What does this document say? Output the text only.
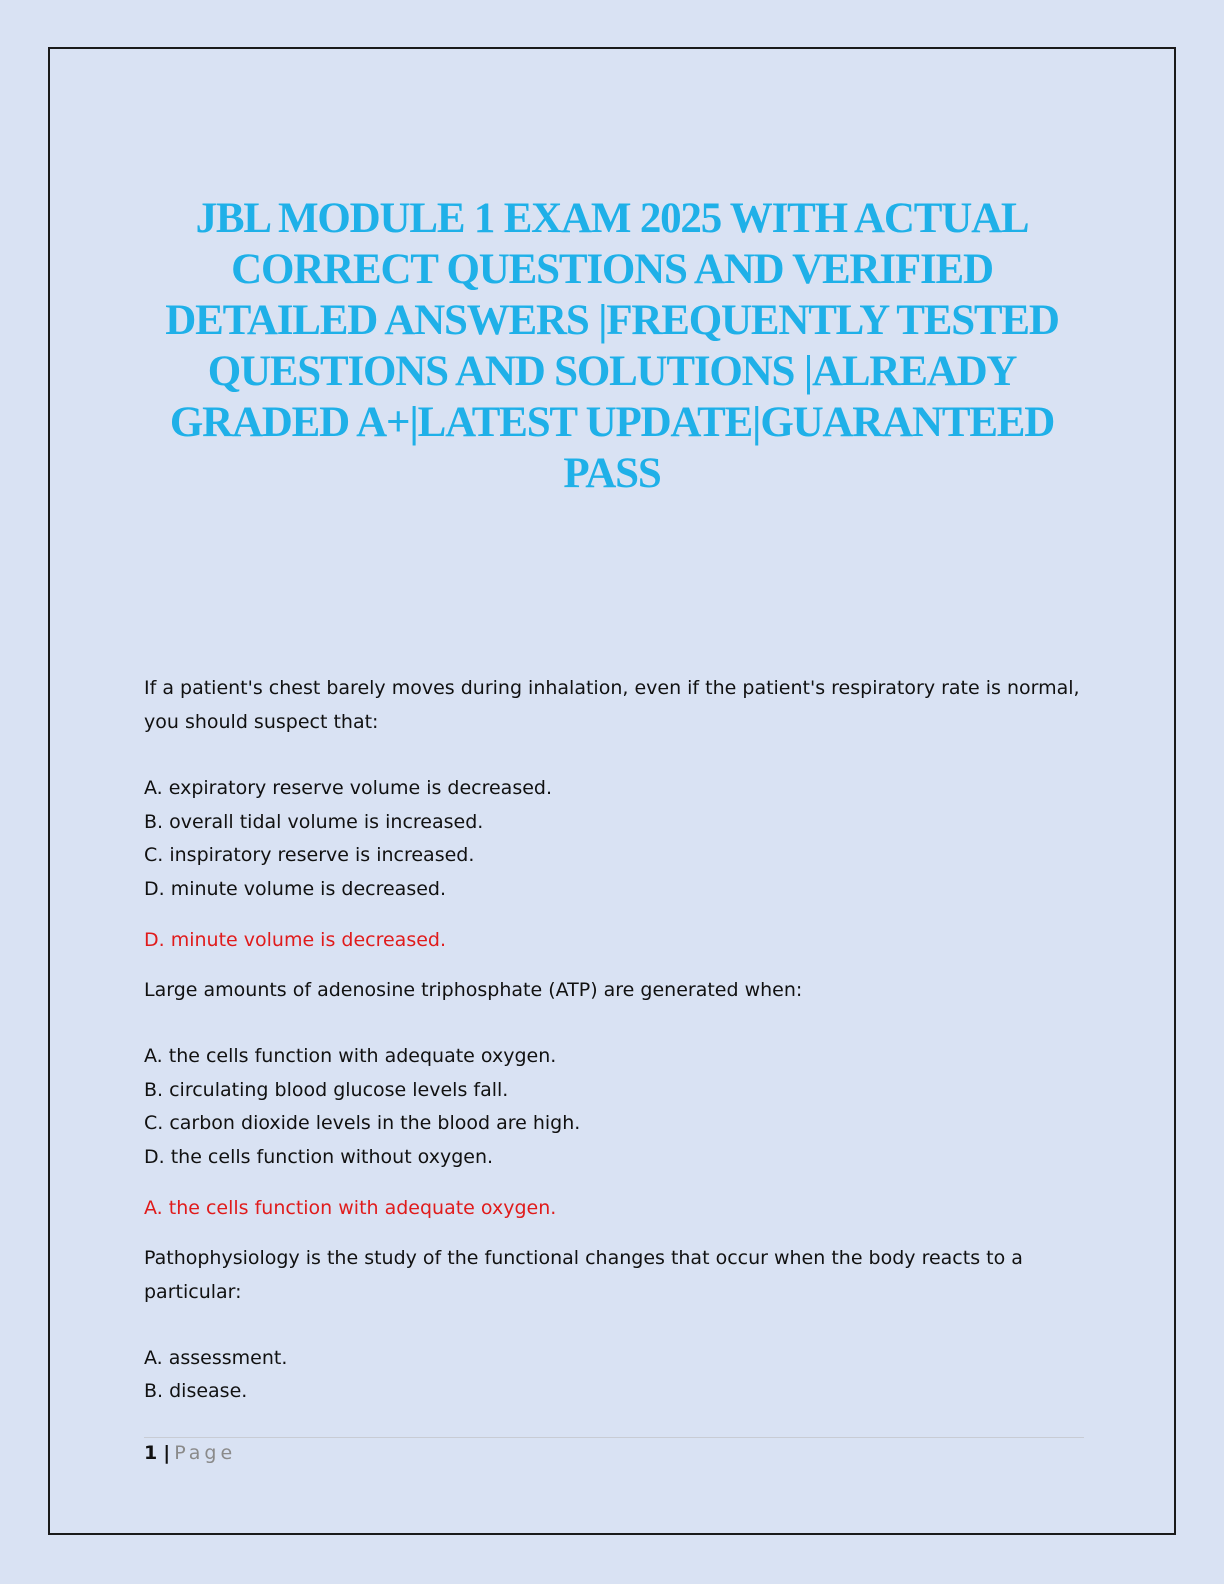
JBL MODULE 1 EXAM 2025 WITH ACTUAL CORRECT QUESTIONS AND VERIFIED DETAILED ANSWERS |FREQUENTLY TESTED QUESTIONS AND SOLUTIONS |ALREADY GRADED A+|LATEST UPDATE|GUARANTEED PASS

If a patient's chest barely moves during inhalation, even if the patient's respiratory rate is normal, you should suspect that:

A. expiratory reserve volume is decreased.
B. overall tidal volume is increased.
C. inspiratory reserve is increased.
D. minute volume is decreased.

D. minute volume is decreased.

Large amounts of adenosine triphosphate (ATP) are generated when:

A. the cells function with adequate oxygen.
B. circulating blood glucose levels fall.
C. carbon dioxide levels in the blood are high.
D. the cells function without oxygen.

A. the cells function with adequate oxygen.

Pathophysiology is the study of the functional changes that occur when the body reacts to a particular:

A. assessment.
B. disease.
1 | Page
